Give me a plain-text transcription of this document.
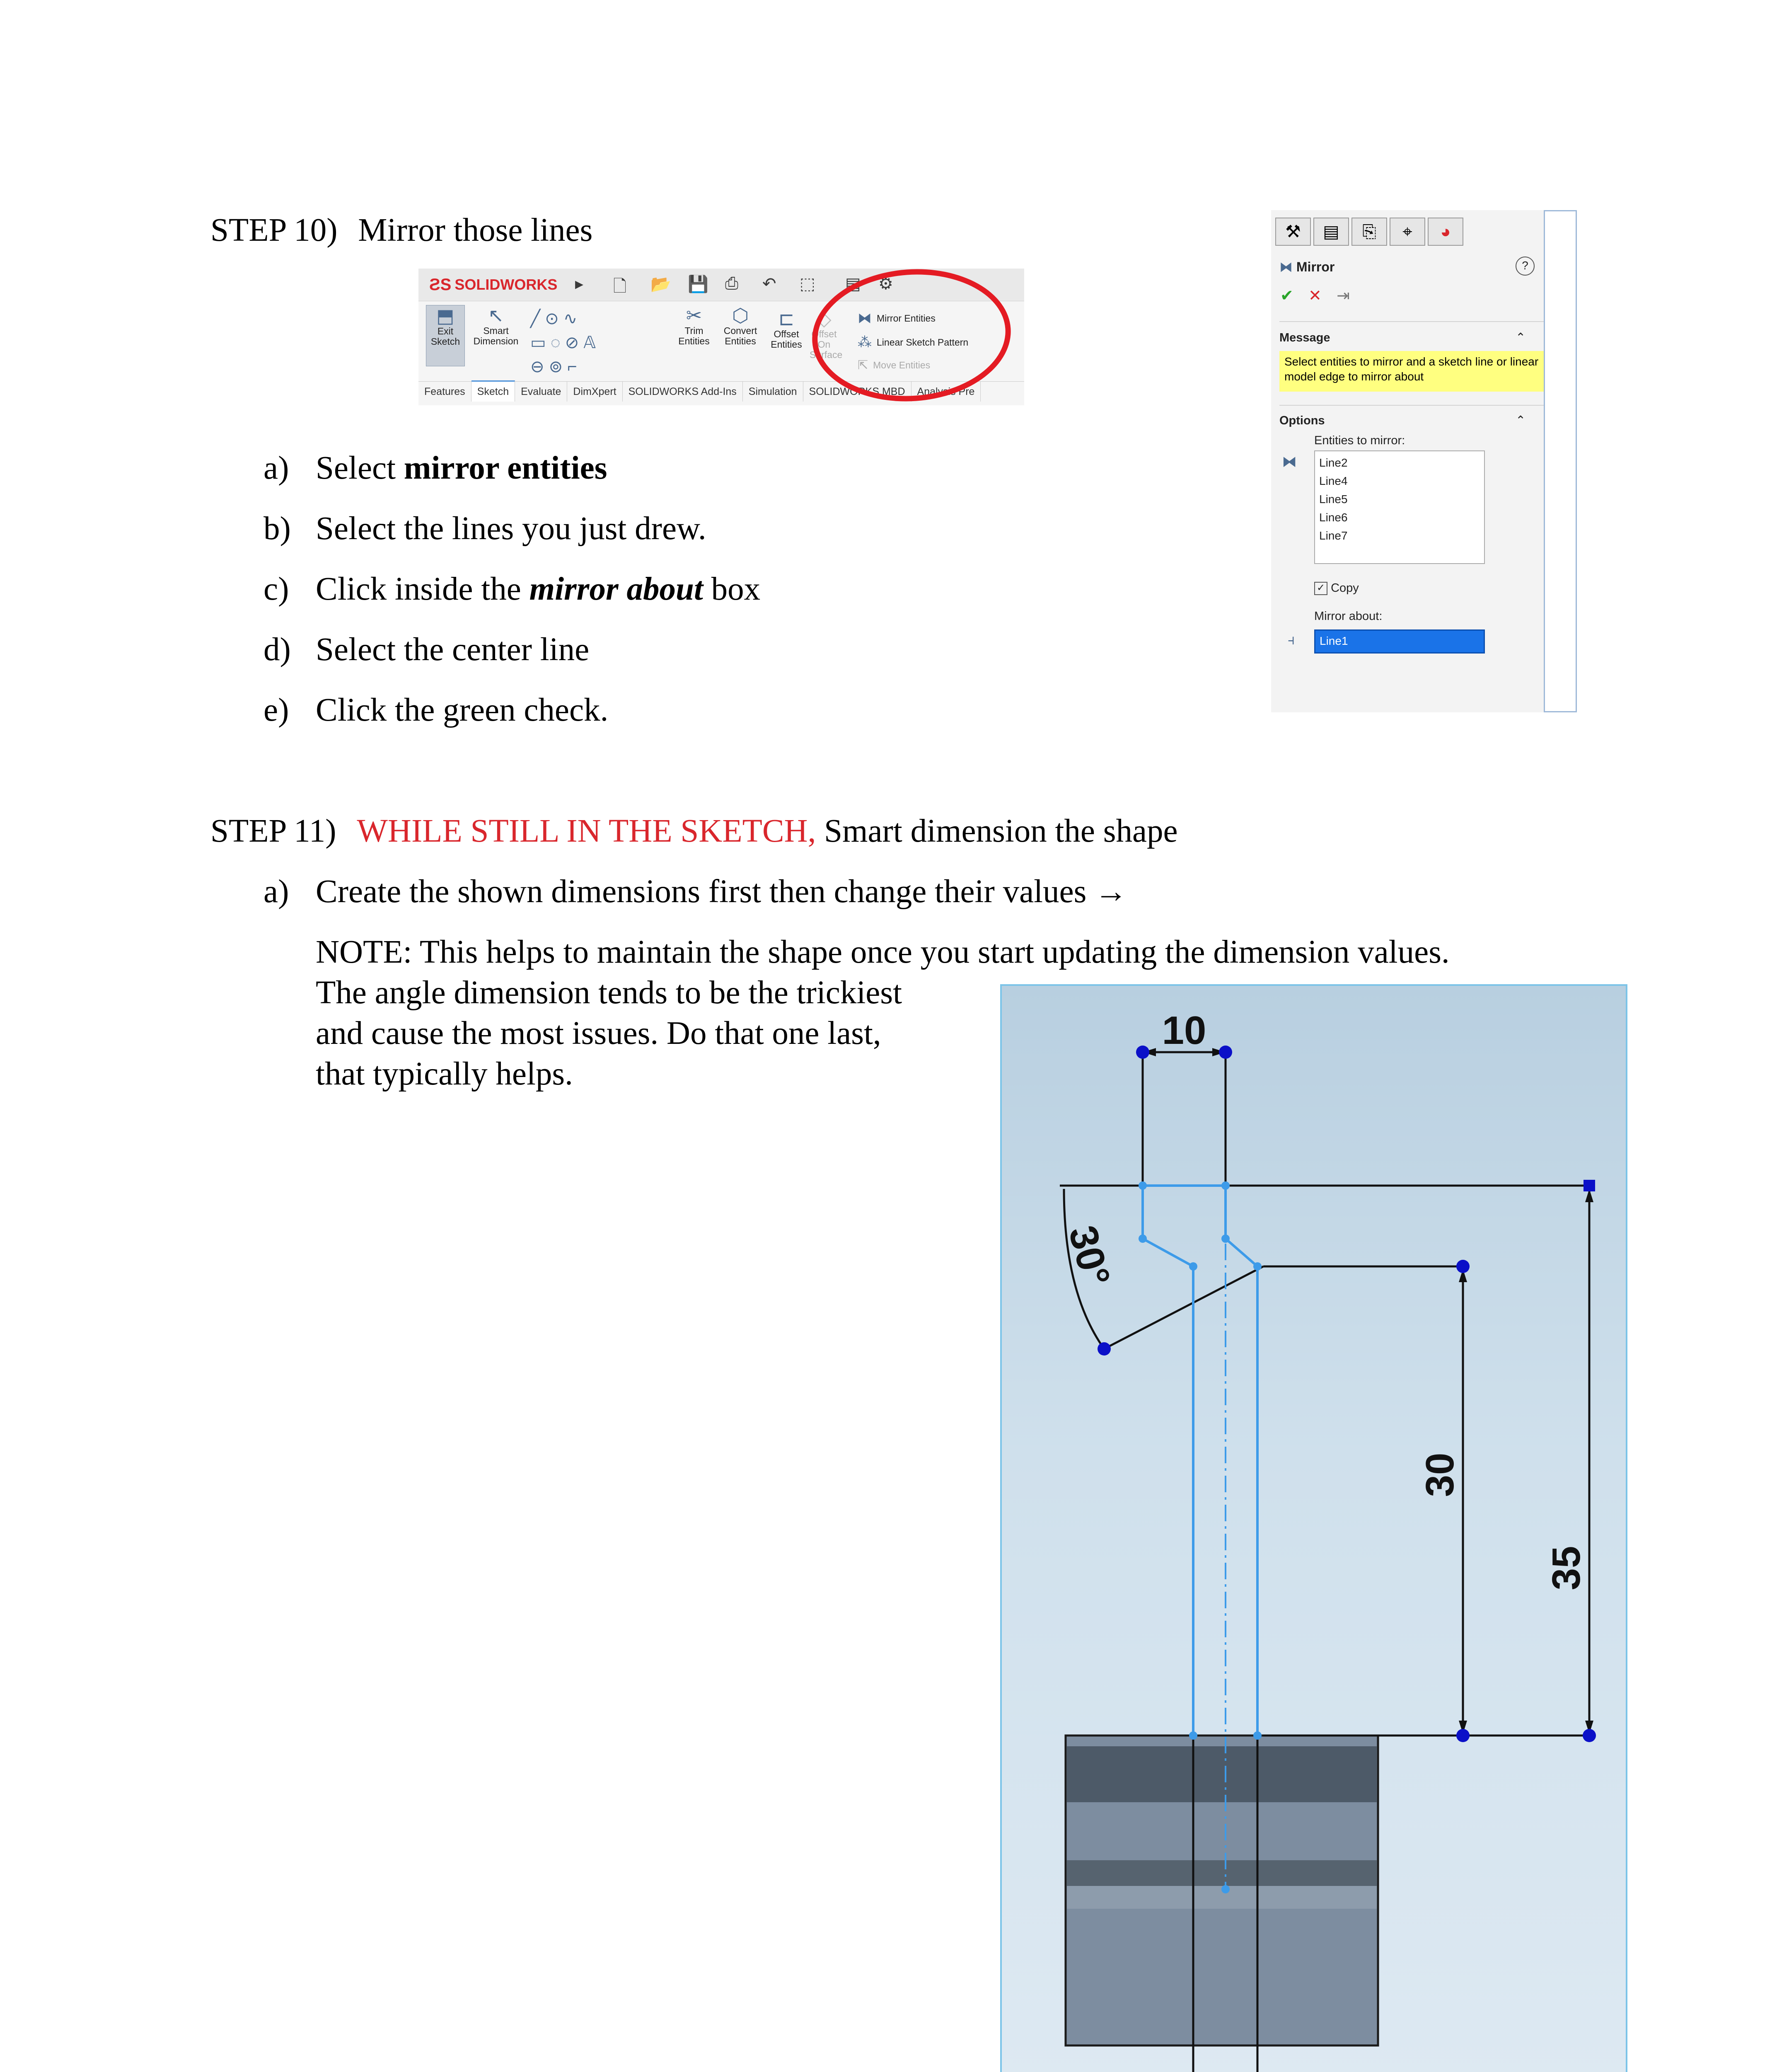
STEP 10) Mirror those lines
ƧS SOLIDWORKS ▸ 🗋 📂 💾 ⎙ ↶ ⬚ ▤ ⚙
⬒
Exit Sketch
↖
Smart Dimension
╱ ⊙ ∿
▭ ◌ ⊘ 𝔸
⊖ ⊚ ⌐
✂
Trim Entities
⬡
Convert Entities
⊏
Offset Entities
◇
Offset On Surface
⧓ Mirror Entities
⁂ Linear Sketch Pattern
⇱ Move Entities
Features	Sketch	Evaluate	DimXpert	SOLIDWORKS Add-Ins	Simulation	SOLIDWORKS MBD	Analysis Pre
a) Select mirror entities
b) Select the lines you just drew.
c) Click inside the mirror about box
d) Select the center line
e) Click the green check.
⚒	▤	⎘	⌖	◕
⧓ Mirror	?
✔ ✕ ⇥
Message	⌃
Select entities to mirror and a sketch line or linear model edge to mirror about
Options	⌃
Entities to mirror:
⧓ Line2
Line4
Line5
Line6
Line7
✓ Copy
Mirror about:
⫞	Line1
STEP 11) WHILE STILL IN THE SKETCH, Smart dimension the shape
a) Create the shown dimensions first then change their values →
NOTE: This helps to maintain the shape once you start updating the dimension values.
The angle dimension tends to be the trickiest
and cause the most issues. Do that one last,
that typically helps.
10
30°
30
35
